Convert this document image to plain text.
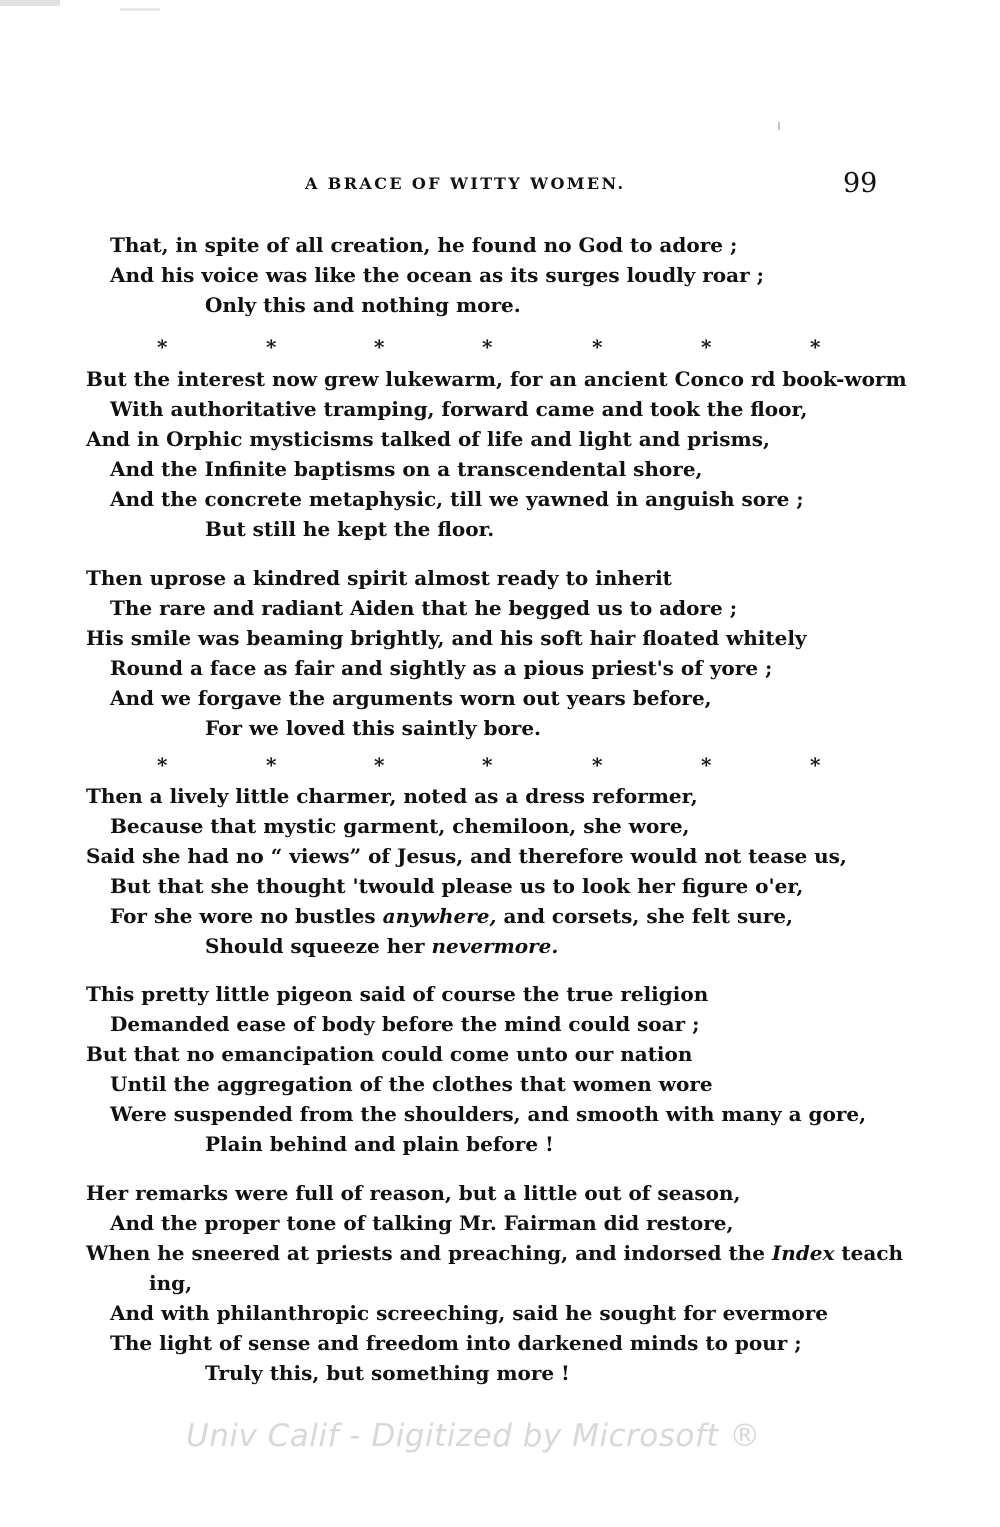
A BRACE OF WITTY WOMEN.	99
That, in spite of all creation, he found no God to adore ;
And his voice was like the ocean as its surges loudly roar ;
Only this and nothing more.
*	*	*	*	*	*	*
But the interest now grew lukewarm, for an ancient Conco rd book-worm
With authoritative tramping, forward came and took the floor,
And in Orphic mysticisms talked of life and light and prisms,
And the Infinite baptisms on a transcendental shore,
And the concrete metaphysic, till we yawned in anguish sore ;
But still he kept the floor.
Then uprose a kindred spirit almost ready to inherit
The rare and radiant Aiden that he begged us to adore ;
His smile was beaming brightly, and his soft hair floated whitely
Round a face as fair and sightly as a pious priest's of yore ;
And we forgave the arguments worn out years before,
For we loved this saintly bore.
*	*	*	*	*	*	*
Then a lively little charmer, noted as a dress reformer,
Because that mystic garment, chemiloon, she wore,
Said she had no “ views” of Jesus, and therefore would not tease us,
But that she thought 'twould please us to look her figure o'er,
For she wore no bustles anywhere, and corsets, she felt sure,
Should squeeze her nevermore.
This pretty little pigeon said of course the true religion
Demanded ease of body before the mind could soar ;
But that no emancipation could come unto our nation
Until the aggregation of the clothes that women wore
Were suspended from the shoulders, and smooth with many a gore,
Plain behind and plain before !
Her remarks were full of reason, but a little out of season,
And the proper tone of talking Mr. Fairman did restore,
When he sneered at priests and preaching, and indorsed the Index teach
ing,
And with philanthropic screeching, said he sought for evermore
The light of sense and freedom into darkened minds to pour ;
Truly this, but something more !
Univ Calif - Digitized by Microsoft ®
